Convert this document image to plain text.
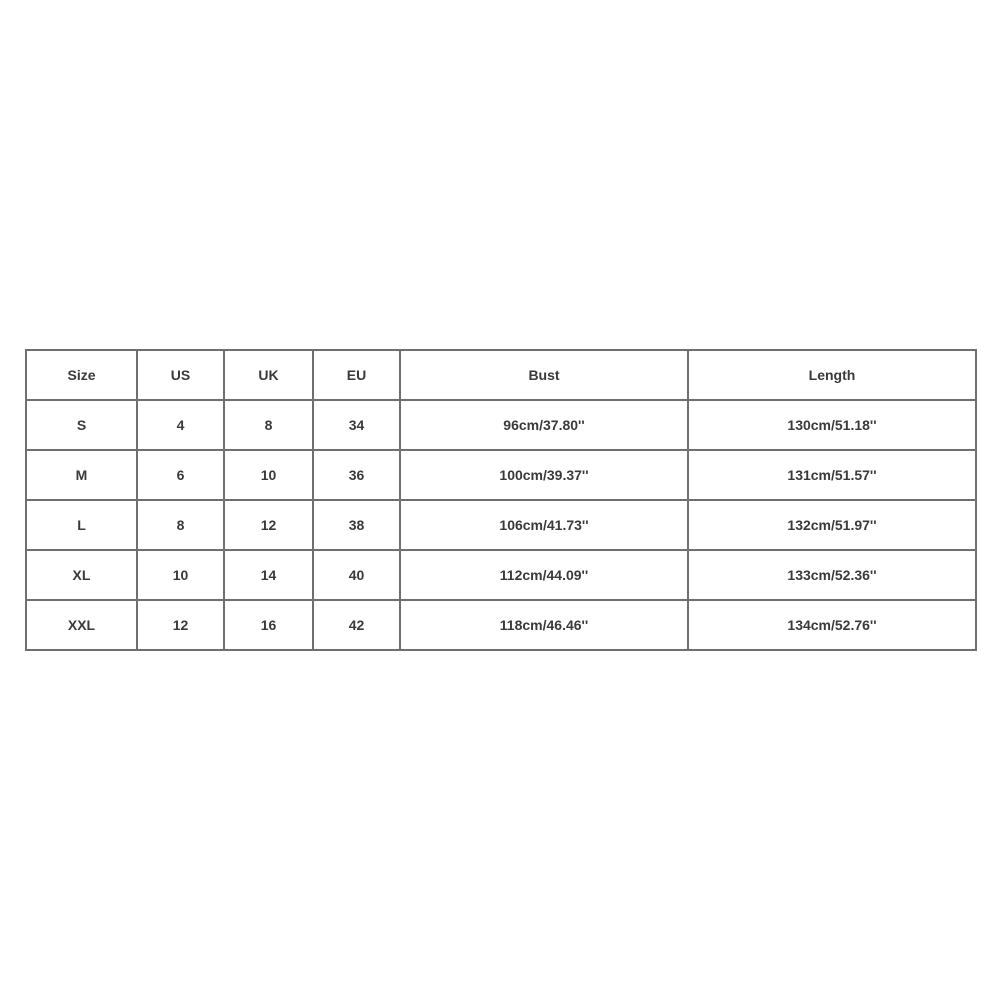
Size	US	UK	EU	Bust	Length
S	4	8	34	96cm/37.80''	130cm/51.18''
M	6	10	36	100cm/39.37''	131cm/51.57''
L	8	12	38	106cm/41.73''	132cm/51.97''
XL	10	14	40	112cm/44.09''	133cm/52.36''
XXL	12	16	42	118cm/46.46''	134cm/52.76''
